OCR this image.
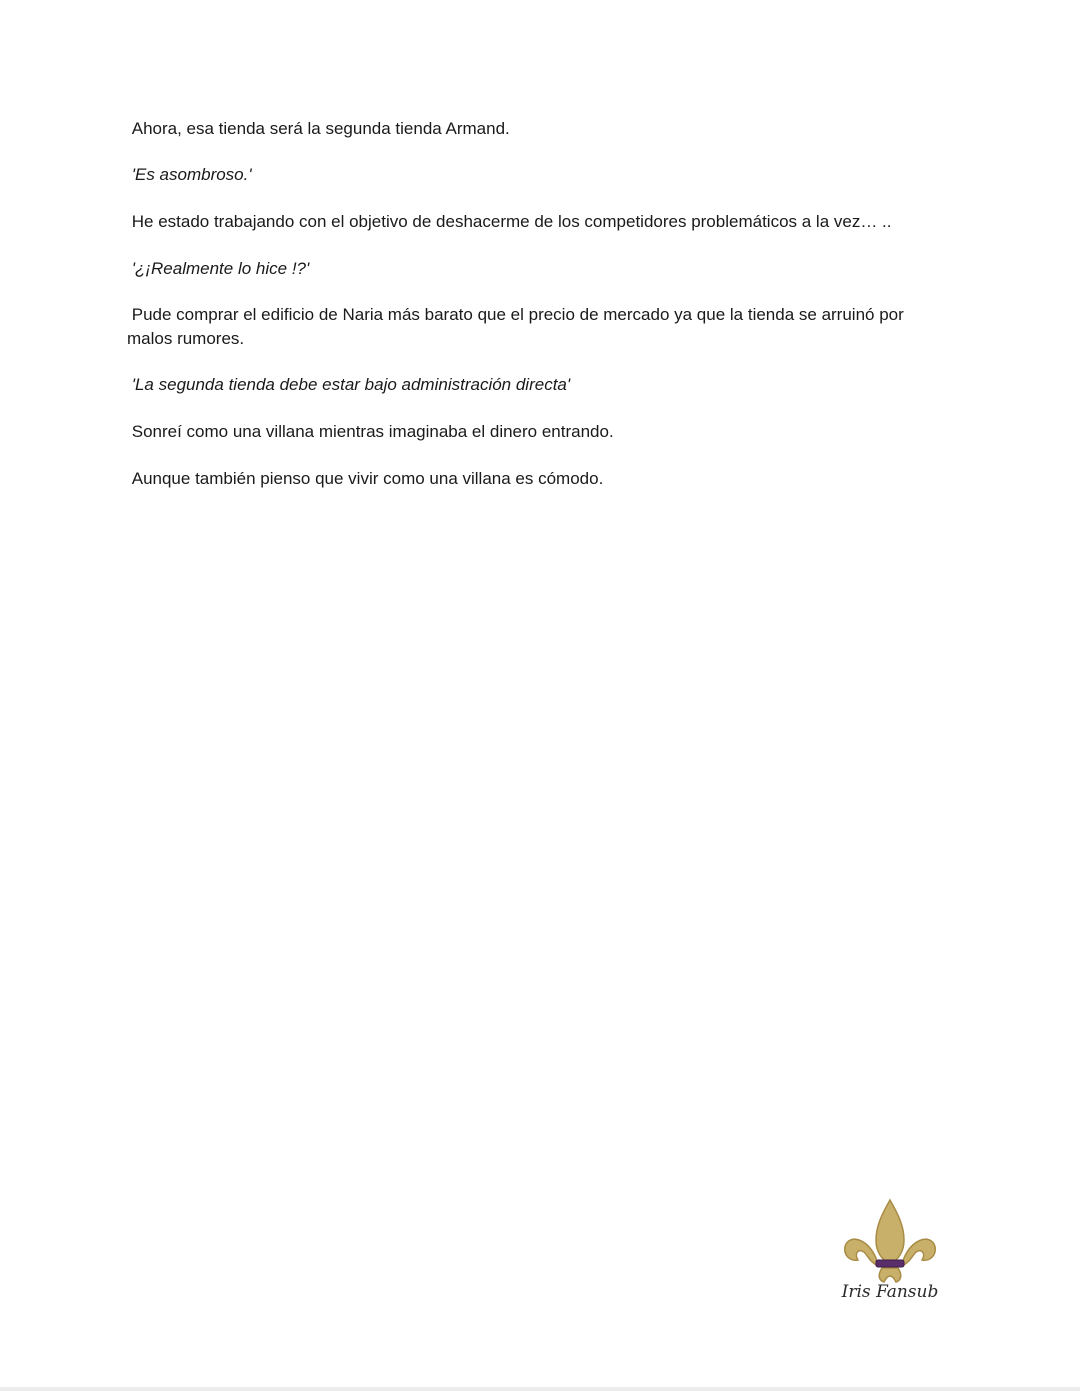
Ahora, esa tienda será la segunda tienda Armand.

'Es asombroso.'

He estado trabajando con el objetivo de deshacerme de los competidores problemáticos a la vez… ..

'¿¡Realmente lo hice !?'

Pude comprar el edificio de Naria más barato que el precio de mercado ya que la tienda se arruinó por malos rumores.

'La segunda tienda debe estar bajo administración directa'

Sonreí como una villana mientras imaginaba el dinero entrando.

Aunque también pienso que vivir como una villana es cómodo.

Iris Fansub
